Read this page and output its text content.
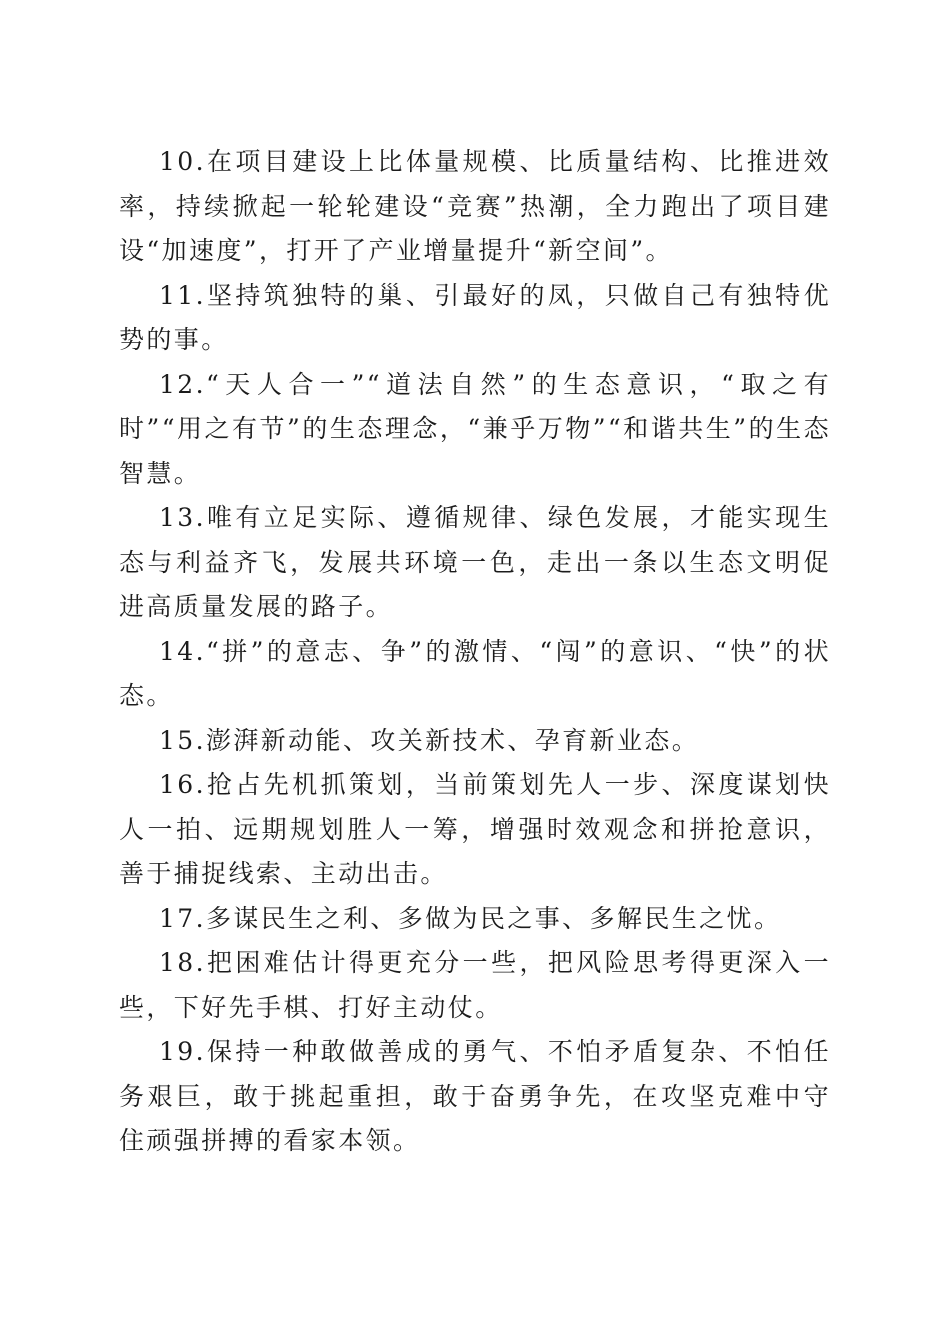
10.在项目建设上比体量规模、比质量结构、比推进效率，持续掀起一轮轮建设“竞赛”热潮，全力跑出了项目建设“加速度”，打开了产业增量提升“新空间”。

11.坚持筑独特的巢、引最好的凤，只做自己有独特优势的事。

12.“天人合一”“道法自然”的生态意识，“取之有时”“用之有节”的生态理念，“兼乎万物”“和谐共生”的生态智慧。

13.唯有立足实际、遵循规律、绿色发展，才能实现生态与利益齐飞，发展共环境一色，走出一条以生态文明促进高质量发展的路子。

14.“拼”的意志、争”的激情、“闯”的意识、“快”的状态。

15.澎湃新动能、攻关新技术、孕育新业态。

16.抢占先机抓策划，当前策划先人一步、深度谋划快人一拍、远期规划胜人一筹，增强时效观念和拼抢意识，善于捕捉线索、主动出击。

17.多谋民生之利、多做为民之事、多解民生之忧。

18.把困难估计得更充分一些，把风险思考得更深入一些，下好先手棋、打好主动仗。

19.保持一种敢做善成的勇气、不怕矛盾复杂、不怕任务艰巨，敢于挑起重担，敢于奋勇争先，在攻坚克难中守住顽强拼搏的看家本领。
